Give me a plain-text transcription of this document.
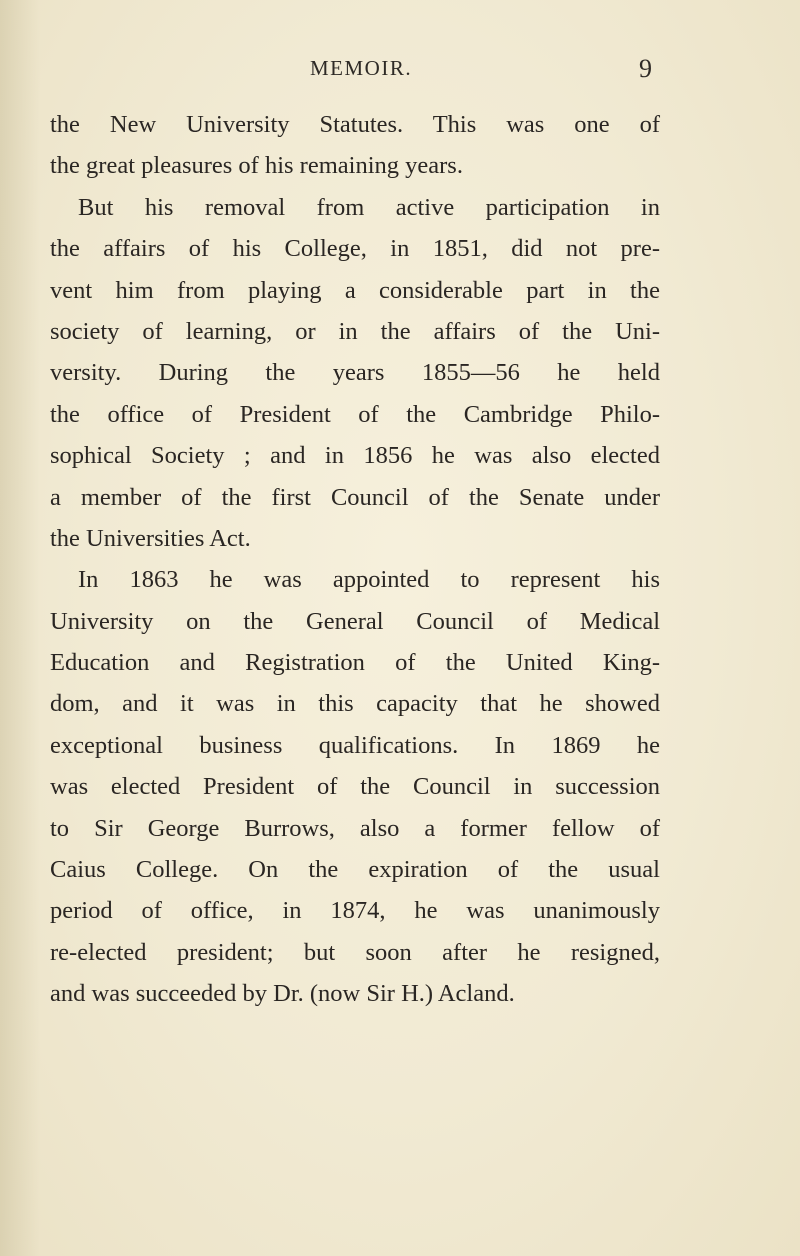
MEMOIR.	9
the New University Statutes. This was one of
the great pleasures of his remaining years.
But his removal from active participation in
the affairs of his College, in 1851, did not pre-
vent him from playing a considerable part in the
society of learning, or in the affairs of the Uni-
versity. During the years 1855—56 he held
the office of President of the Cambridge Philo-
sophical Society ; and in 1856 he was also elected
a member of the first Council of the Senate under
the Universities Act.
In 1863 he was appointed to represent his
University on the General Council of Medical
Education and Registration of the United King-
dom, and it was in this capacity that he showed
exceptional business qualifications. In 1869 he
was elected President of the Council in succession
to Sir George Burrows, also a former fellow of
Caius College. On the expiration of the usual
period of office, in 1874, he was unanimously
re-elected president; but soon after he resigned,
and was succeeded by Dr. (now Sir H.) Acland.
